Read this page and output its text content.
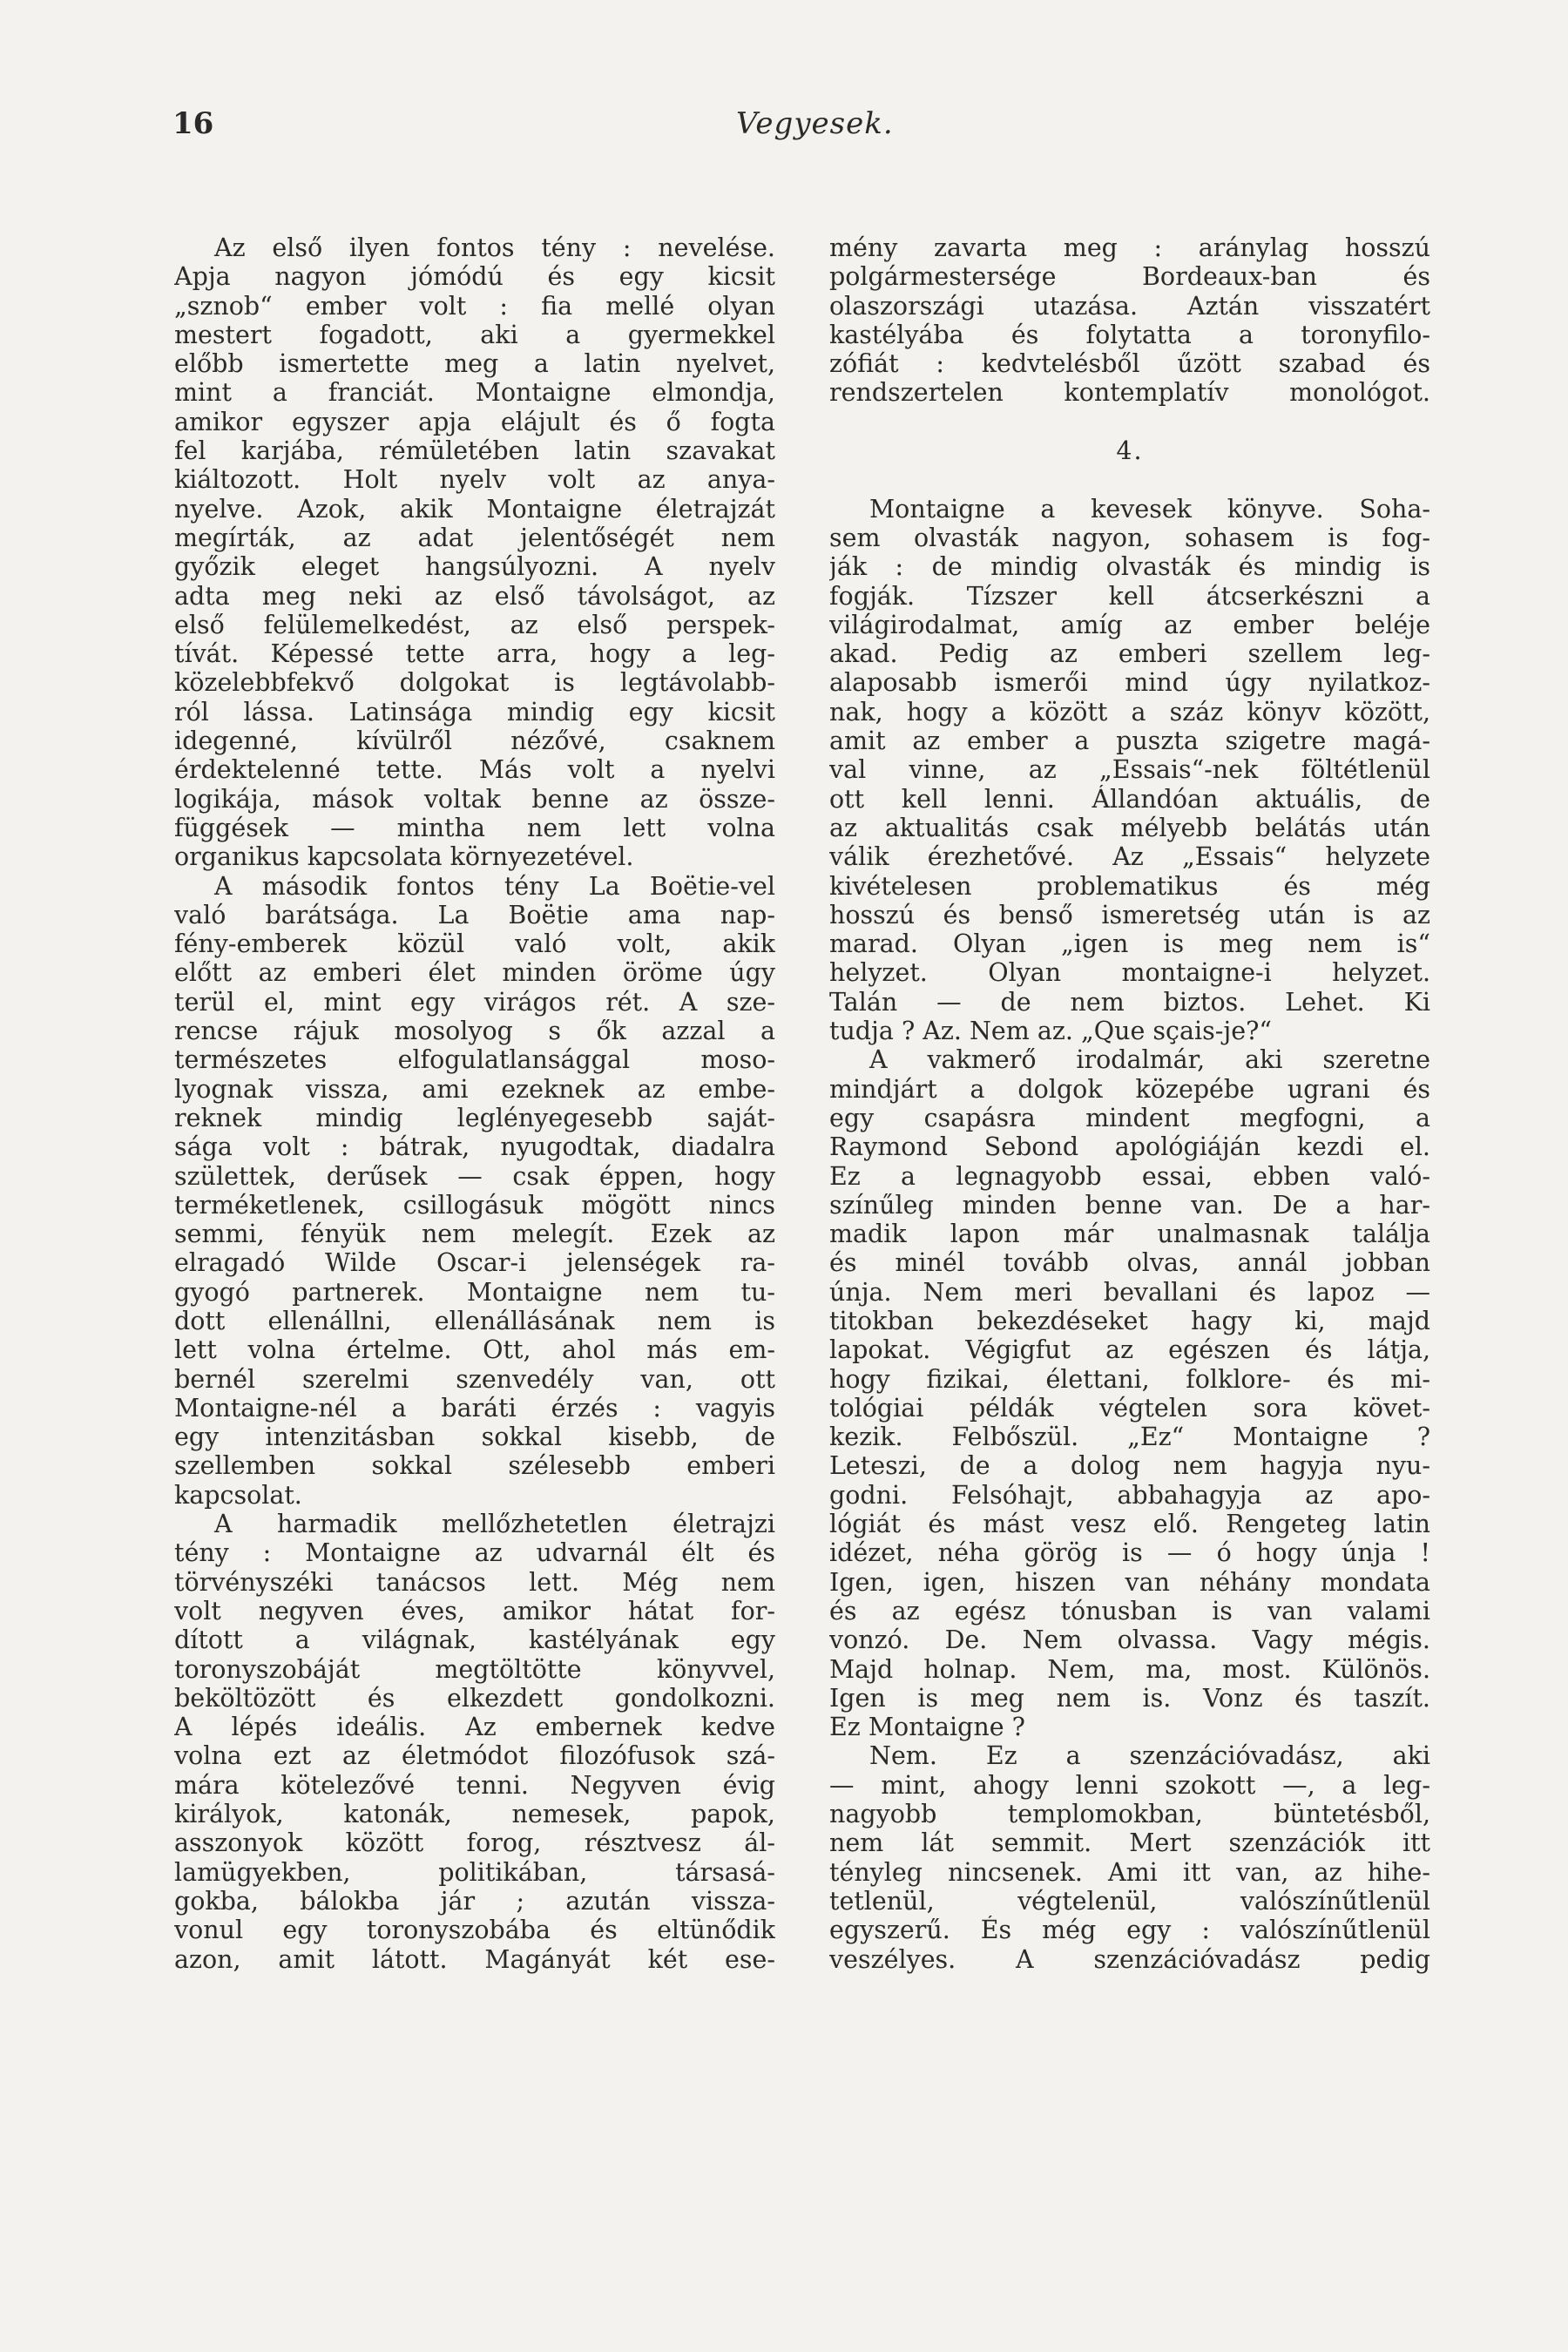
16	Vegyesek.
Az első ilyen fontos tény : nevelése.
Apja nagyon jómódú és egy kicsit
„sznob“ ember volt : fia mellé olyan
mestert fogadott, aki a gyermekkel
előbb ismertette meg a latin nyelvet,
mint a franciát. Montaigne elmondja,
amikor egyszer apja elájult és ő fogta
fel karjába, rémületében latin szavakat
kiáltozott. Holt nyelv volt az anya-
nyelve. Azok, akik Montaigne életrajzát
megírták, az adat jelentőségét nem
győzik eleget hangsúlyozni. A nyelv
adta meg neki az első távolságot, az
első felülemelkedést, az első perspek-
tívát. Képessé tette arra, hogy a leg-
közelebbfekvő dolgokat is legtávolabb-
ról lássa. Latinsága mindig egy kicsit
idegenné, kívülről nézővé, csaknem
érdektelenné tette. Más volt a nyelvi
logikája, mások voltak benne az össze-
függések — mintha nem lett volna
organikus kapcsolata környezetével.
A második fontos tény La Boëtie-vel
való barátsága. La Boëtie ama nap-
fény-emberek közül való volt, akik
előtt az emberi élet minden öröme úgy
terül el, mint egy virágos rét. A sze-
rencse rájuk mosolyog s ők azzal a
természetes elfogulatlansággal moso-
lyognak vissza, ami ezeknek az embe-
reknek mindig leglényegesebb saját-
sága volt : bátrak, nyugodtak, diadalra
születtek, derűsek — csak éppen, hogy
terméketlenek, csillogásuk mögött nincs
semmi, fényük nem melegít. Ezek az
elragadó Wilde Oscar-i jelenségek ra-
gyogó partnerek. Montaigne nem tu-
dott ellenállni, ellenállásának nem is
lett volna értelme. Ott, ahol más em-
bernél szerelmi szenvedély van, ott
Montaigne-nél a baráti érzés : vagyis
egy intenzitásban sokkal kisebb, de
szellemben sokkal szélesebb emberi
kapcsolat.
A harmadik mellőzhetetlen életrajzi
tény : Montaigne az udvarnál élt és
törvényszéki tanácsos lett. Még nem
volt negyven éves, amikor hátat for-
dított a világnak, kastélyának egy
toronyszobáját megtöltötte könyvvel,
beköltözött és elkezdett gondolkozni.
A lépés ideális. Az embernek kedve
volna ezt az életmódot filozófusok szá-
mára kötelezővé tenni. Negyven évig
királyok, katonák, nemesek, papok,
asszonyok között forog, résztvesz ál-
lamügyekben, politikában, társasá-
gokba, bálokba jár ; azután vissza-
vonul egy toronyszobába és eltünődik
azon, amit látott. Magányát két ese-
mény zavarta meg : aránylag hosszú
polgármestersége Bordeaux-ban és
olaszországi utazása. Aztán visszatért
kastélyába és folytatta a toronyfilo-
zófiát : kedvtelésből űzött szabad és
rendszertelen kontemplatív monológot.
4.
Montaigne a kevesek könyve. Soha-
sem olvasták nagyon, sohasem is fog-
ják : de mindig olvasták és mindig is
fogják. Tízszer kell átcserkészni a
világirodalmat, amíg az ember beléje
akad. Pedig az emberi szellem leg-
alaposabb ismerői mind úgy nyilatkoz-
nak, hogy a között a száz könyv között,
amit az ember a puszta szigetre magá-
val vinne, az „Essais“-nek föltétlenül
ott kell lenni. Állandóan aktuális, de
az aktualitás csak mélyebb belátás után
válik érezhetővé. Az „Essais“ helyzete
kivételesen problematikus és még
hosszú és benső ismeretség után is az
marad. Olyan „igen is meg nem is“
helyzet. Olyan montaigne-i helyzet.
Talán — de nem biztos. Lehet. Ki
tudja ? Az. Nem az. „Que sçais-je?“
A vakmerő irodalmár, aki szeretne
mindjárt a dolgok közepébe ugrani és
egy csapásra mindent megfogni, a
Raymond Sebond apológiáján kezdi el.
Ez a legnagyobb essai, ebben való-
színűleg minden benne van. De a har-
madik lapon már unalmasnak találja
és minél tovább olvas, annál jobban
únja. Nem meri bevallani és lapoz —
titokban bekezdéseket hagy ki, majd
lapokat. Végigfut az egészen és látja,
hogy fizikai, élettani, folklore- és mi-
tológiai példák végtelen sora követ-
kezik. Felbőszül. „Ez“ Montaigne ?
Leteszi, de a dolog nem hagyja nyu-
godni. Felsóhajt, abbahagyja az apo-
lógiát és mást vesz elő. Rengeteg latin
idézet, néha görög is — ó hogy únja !
Igen, igen, hiszen van néhány mondata
és az egész tónusban is van valami
vonzó. De. Nem olvassa. Vagy mégis.
Majd holnap. Nem, ma, most. Különös.
Igen is meg nem is. Vonz és taszít.
Ez Montaigne ?
Nem. Ez a szenzációvadász, aki
— mint, ahogy lenni szokott —, a leg-
nagyobb templomokban, büntetésből,
nem lát semmit. Mert szenzációk itt
tényleg nincsenek. Ami itt van, az hihe-
tetlenül, végtelenül, valószínűtlenül
egyszerű. És még egy : valószínűtlenül
veszélyes. A szenzációvadász pedig
